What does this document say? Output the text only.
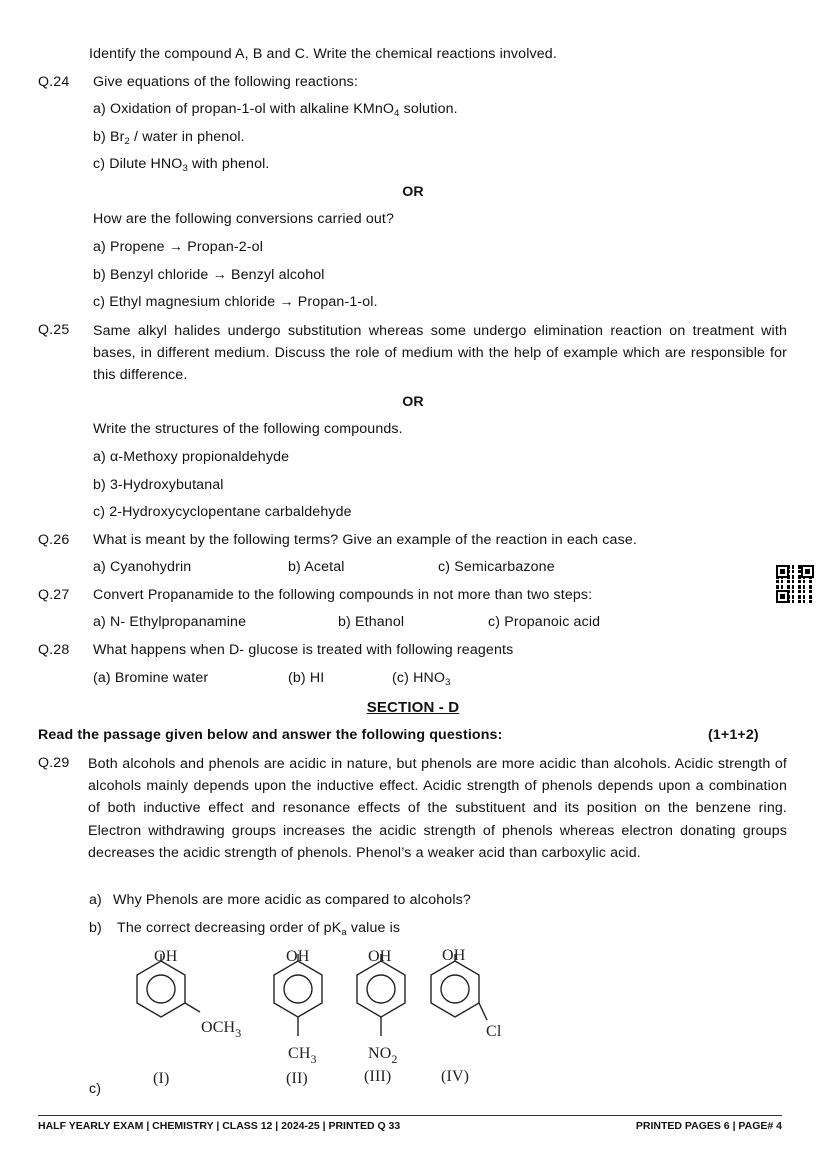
Identify the compound A, B and C. Write the chemical reactions involved.
Q.24 Give equations of the following reactions:
a) Oxidation of propan-1-ol with alkaline KMnO$_4$ solution.
b) $Br_2$ / water in phenol.
c) Dilute $HNO_3$ with phenol.
OR
How are the following conversions carried out?
a) Propene → Propan-2-ol
b) Benzyl chloride → Benzyl alcohol
c) Ethyl magnesium chloride → Propan-1-ol.
Q.25 Same alkyl halides undergo substitution whereas some undergo elimination reaction on treatment with bases, in different medium. Discuss the role of medium with the help of example which are responsible for this difference.
OR
Write the structures of the following compounds.
a) α-Methoxy propionaldehyde
b) 3-Hydroxybutanal
c) 2-Hydroxycyclopentane carbaldehyde
Q.26 What is meant by the following terms? Give an example of the reaction in each case.
a) Cyanohydrin	b) Acetal	c) Semicarbazone
Q.27 Convert Propanamide to the following compounds in not more than two steps:
a) N- Ethylpropanamine	b) Ethanol	c) Propanoic acid
Q.28 What happens when D- glucose is treated with following reagents
(a) Bromine water	(b) HI	(c) $HNO_3$
SECTION - D
Read the passage given below and answer the following questions:	(1+1+2)
Q.29 Both alcohols and phenols are acidic in nature, but phenols are more acidic than alcohols. Acidic strength of alcohols mainly depends upon the inductive effect. Acidic strength of phenols depends upon a combination of both inductive effect and resonance effects of the substituent and its position on the benzene ring. Electron withdrawing groups increases the acidic strength of phenols whereas electron donating groups decreases the acidic strength of phenols. Phenol’s a weaker acid than carboxylic acid.
a) Why Phenols are more acidic as compared to alcohols?
b) The correct decreasing order of $pK_a$ value is
OH
$OCH_3$
(I)
OH
$CH_3$
(II)
OH
$NO_2$
(III)
OH
Cl
(IV)
c)
HALF YEARLY EXAM | CHEMISTRY | CLASS 12 | 2024-25 | PRINTED Q 33	PRINTED PAGES 6 | PAGE# 4
